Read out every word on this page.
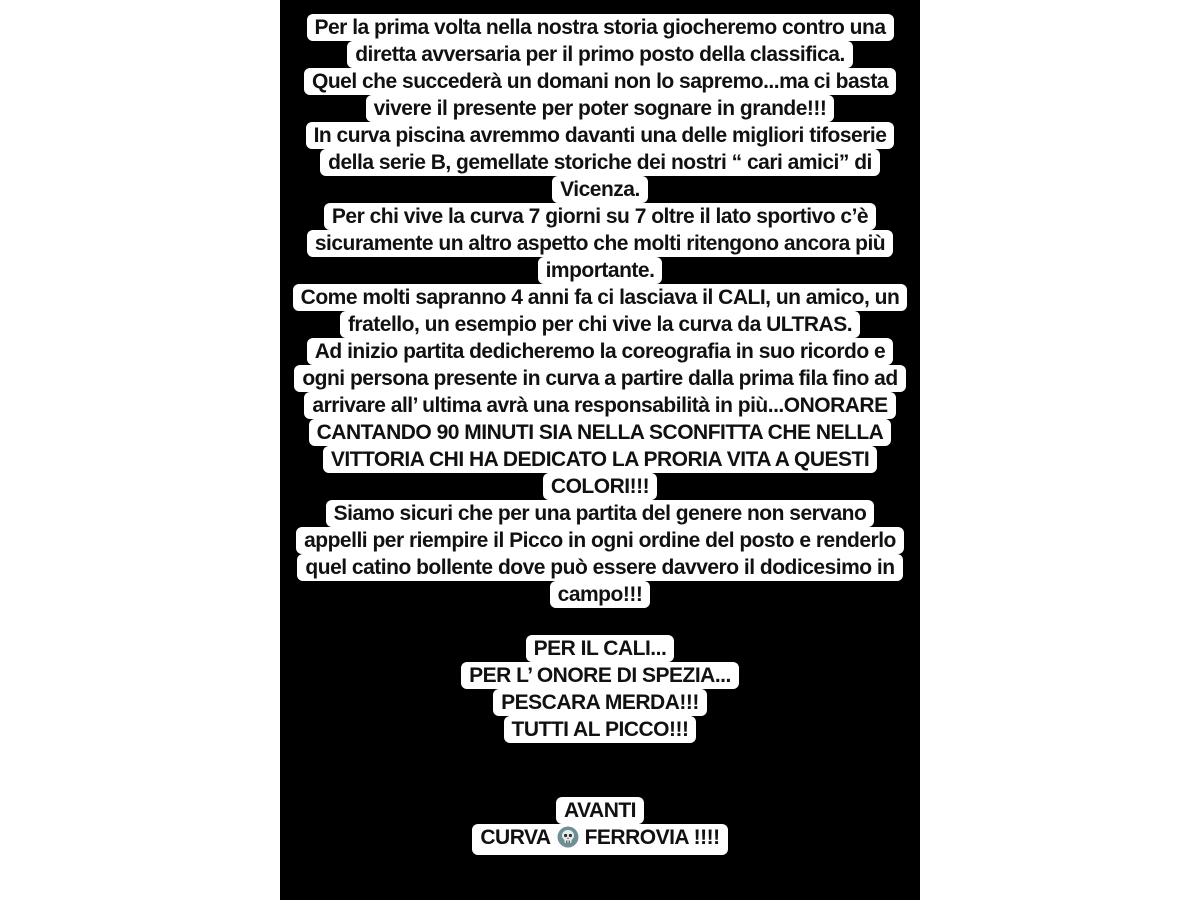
Per la prima volta nella nostra storia giocheremo contro una
diretta avversaria per il primo posto della classifica.
Quel che succederà un domani non lo sapremo...ma ci basta
vivere il presente per poter sognare in grande!!!
In curva piscina avremmo davanti una delle migliori tifoserie
della serie B, gemellate storiche dei nostri “ cari amici” di
Vicenza.
Per chi vive la curva 7 giorni su 7 oltre il lato sportivo c’è
sicuramente un altro aspetto che molti ritengono ancora più
importante.
Come molti sapranno 4 anni fa ci lasciava il CALI, un amico, un
fratello, un esempio per chi vive la curva da ULTRAS.
Ad inizio partita dedicheremo la coreografia in suo ricordo e
ogni persona presente in curva a partire dalla prima fila fino ad
arrivare all’ ultima avrà una responsabilità in più...ONORARE
CANTANDO 90 MINUTI SIA NELLA SCONFITTA CHE NELLA
VITTORIA CHI HA DEDICATO LA PRORIA VITA A QUESTI
COLORI!!!
Siamo sicuri che per una partita del genere non servano
appelli per riempire il Picco in ogni ordine del posto e renderlo
quel catino bollente dove può essere davvero il dodicesimo in
campo!!!
PER IL CALI...
PER L’ ONORE DI SPEZIA...
PESCARA MERDA!!!
TUTTI AL PICCO!!!
AVANTI
CURVA FERROVIA !!!!
